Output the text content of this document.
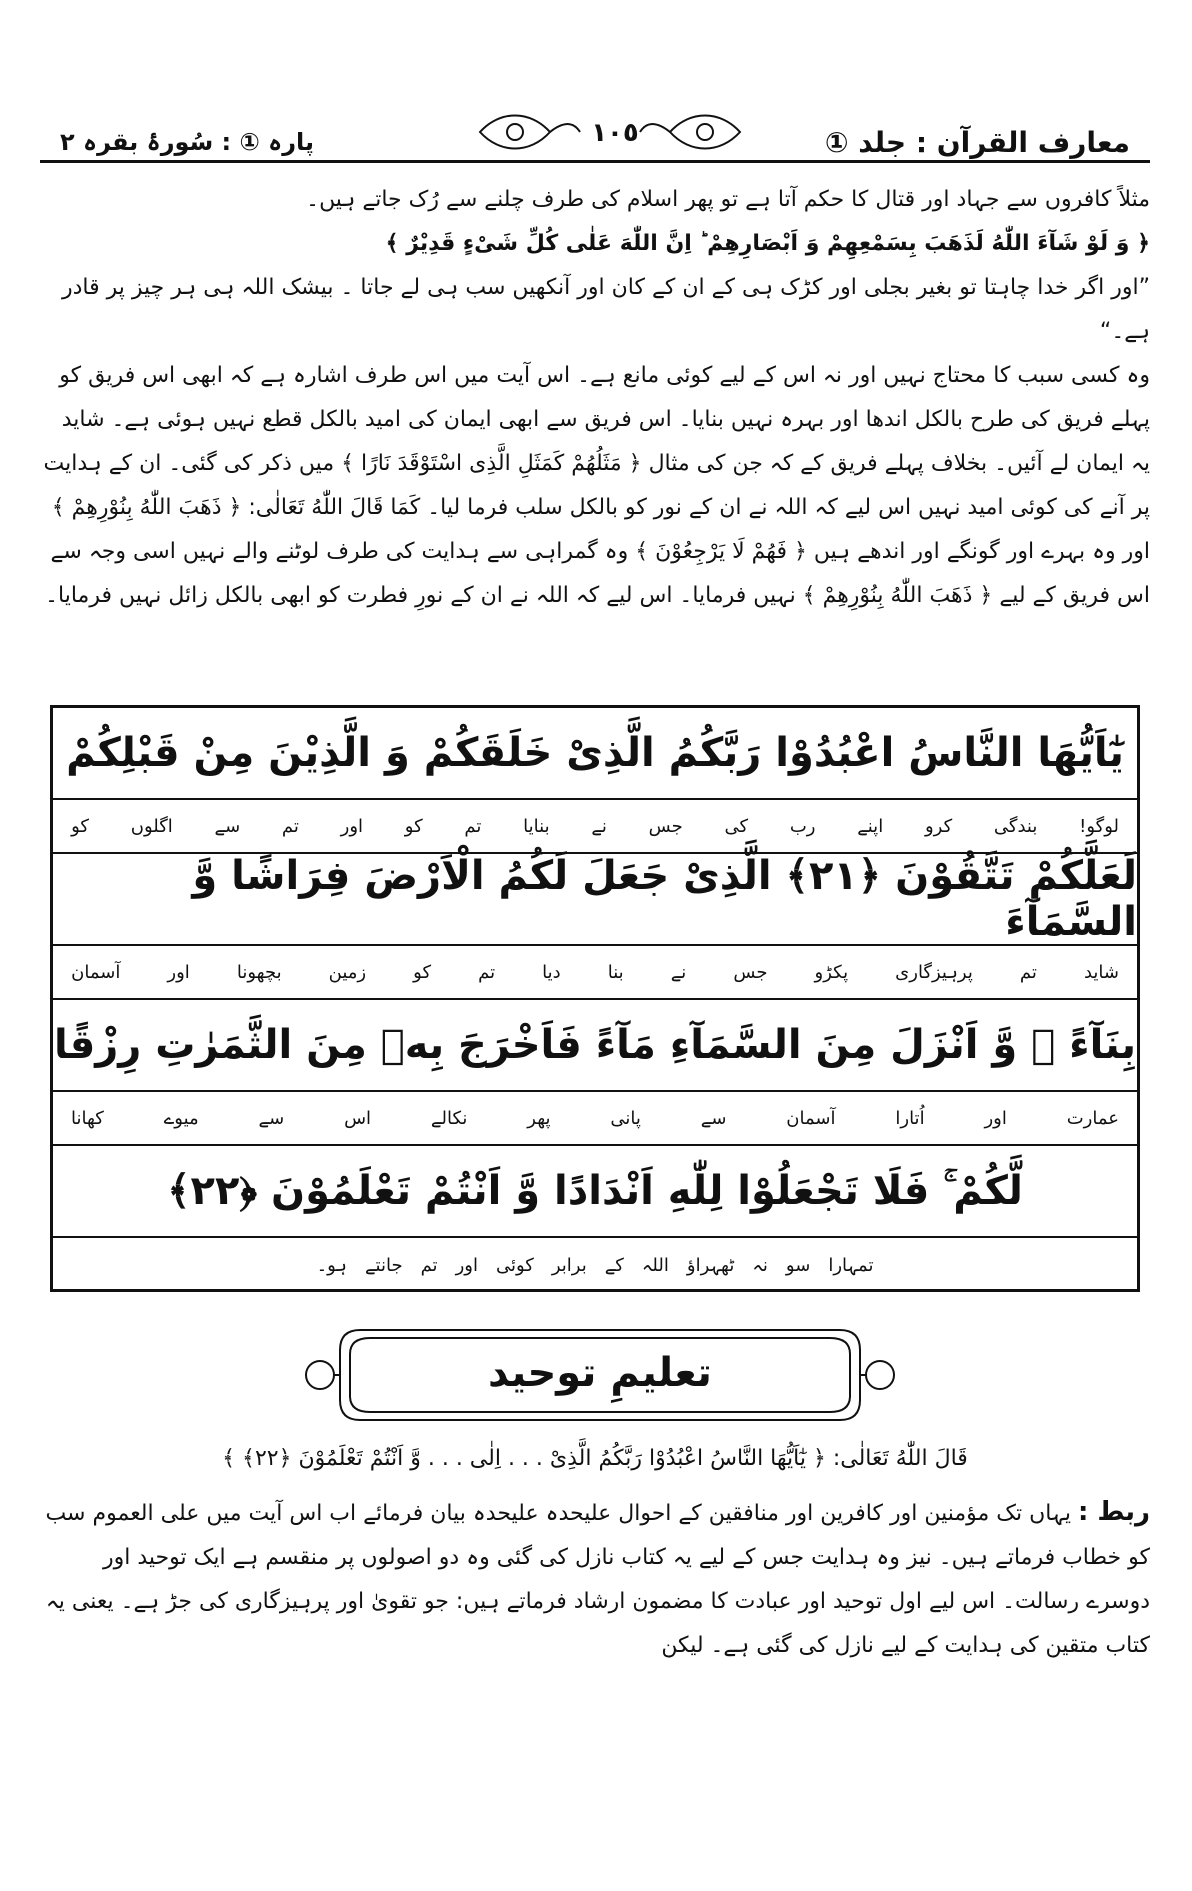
پارہ ① : سُورۂ بقرہ ۲	١٠٥	معارف القرآن : جلد ①

مثلاً کافروں سے جہاد اور قتال کا حکم آتا ہے تو پھر اسلام کی طرف چلنے سے رُک جاتے ہیں۔

﴿ وَ لَوْ شَآءَ اللّٰهُ لَذَهَبَ بِسَمْعِهِمْ وَ اَبْصَارِهِمْ ؕ اِنَّ اللّٰهَ عَلٰى كُلِّ شَیْءٍ قَدِیْرٌ ﴾

”اور اگر خدا چاہتا تو بغیر بجلی اور کڑک ہی کے ان کے کان اور آنکھیں سب ہی لے جاتا ۔ بیشک اللہ ہی ہر چیز پر قادر ہے۔“

وہ کسی سبب کا محتاج نہیں اور نہ اس کے لیے کوئی مانع ہے۔ اس آیت میں اس طرف اشارہ ہے کہ ابھی اس فریق کو پہلے فریق کی طرح بالکل اندھا اور بہرہ نہیں بنایا۔ اس فریق سے ابھی ایمان کی امید بالکل قطع نہیں ہوئی ہے۔ شاید یہ ایمان لے آئیں۔ بخلاف پہلے فریق کے کہ جن کی مثال ﴿ مَثَلُهُمْ كَمَثَلِ الَّذِی اسْتَوْقَدَ نَارًا ﴾ میں ذکر کی گئی۔ ان کے ہدایت پر آنے کی کوئی امید نہیں اس لیے کہ اللہ نے ان کے نور کو بالکل سلب فرما لیا۔ کَمَا قَالَ اللّٰهُ تَعَالٰى: ﴿ ذَهَبَ اللّٰهُ بِنُوْرِهِمْ ﴾ اور وہ بہرے اور گونگے اور اندھے ہیں ﴿ فَهُمْ لَا يَرْجِعُوْنَ ﴾ وہ گمراہی سے ہدایت کی طرف لوٹنے والے نہیں اسی وجہ سے اس فریق کے لیے ﴿ ذَهَبَ اللّٰهُ بِنُوْرِهِمْ ﴾ نہیں فرمایا۔ اس لیے کہ اللہ نے ان کے نورِ فطرت کو ابھی بالکل زائل نہیں فرمایا۔

يٰٓاَيُّهَا النَّاسُ اعْبُدُوْا رَبَّكُمُ الَّذِیْ خَلَقَكُمْ وَ الَّذِیْنَ مِنْ قَبْلِكُمْ
لوگو!
بندگی
کرو
اپنے
رب
کی
جس
نے
بنایا
تم
کو
اور
تم
سے
اگلوں
کو
لَعَلَّكُمْ تَتَّقُوْنَ ﴿۲۱﴾ الَّذِیْ جَعَلَ لَكُمُ الْاَرْضَ فِرَاشًا وَّ السَّمَآءَ
شاید
تم
پرہیزگاری
پکڑو
جس
نے
بنا
دیا
تم
کو
زمین
بچھونا
اور
آسمان
بِنَآءً ۠ وَّ اَنْزَلَ مِنَ السَّمَآءِ مَآءً فَاَخْرَجَ بِهٖ مِنَ الثَّمَرٰتِ رِزْقًا
عمارت
اور
اُتارا
آسمان
سے
پانی
پھر
نکالے
اس
سے
میوے
کھانا
لَّكُمْ ۚ فَلَا تَجْعَلُوْا لِلّٰهِ اَنْدَادًا وَّ اَنْتُمْ تَعْلَمُوْنَ ﴿۲۲﴾
تمہارا
سو
نہ
ٹھہراؤ
اللہ
کے
برابر
کوئی
اور
تم
جانتے
ہو۔
تعلیمِ توحید
قَالَ اللّٰهُ تَعَالٰى: ﴿ يٰٓاَيُّهَا النَّاسُ اعْبُدُوْا رَبَّكُمُ الَّذِیْ . . . اِلٰى . . . وَّ اَنْتُمْ تَعْلَمُوْنَ ﴿۲۲﴾ ﴾

ربط : یہاں تک مؤمنین اور کافرین اور منافقین کے احوال علیحدہ علیحدہ بیان فرمائے اب اس آیت میں علی العموم سب کو خطاب فرماتے ہیں۔ نیز وہ ہدایت جس کے لیے یہ کتاب نازل کی گئی وہ دو اصولوں پر منقسم ہے ایک توحید اور دوسرے رسالت۔ اس لیے اول توحید اور عبادت کا مضمون ارشاد فرماتے ہیں: جو تقویٰ اور پرہیزگاری کی جڑ ہے۔ یعنی یہ کتاب متقین کی ہدایت کے لیے نازل کی گئی ہے۔ لیکن
